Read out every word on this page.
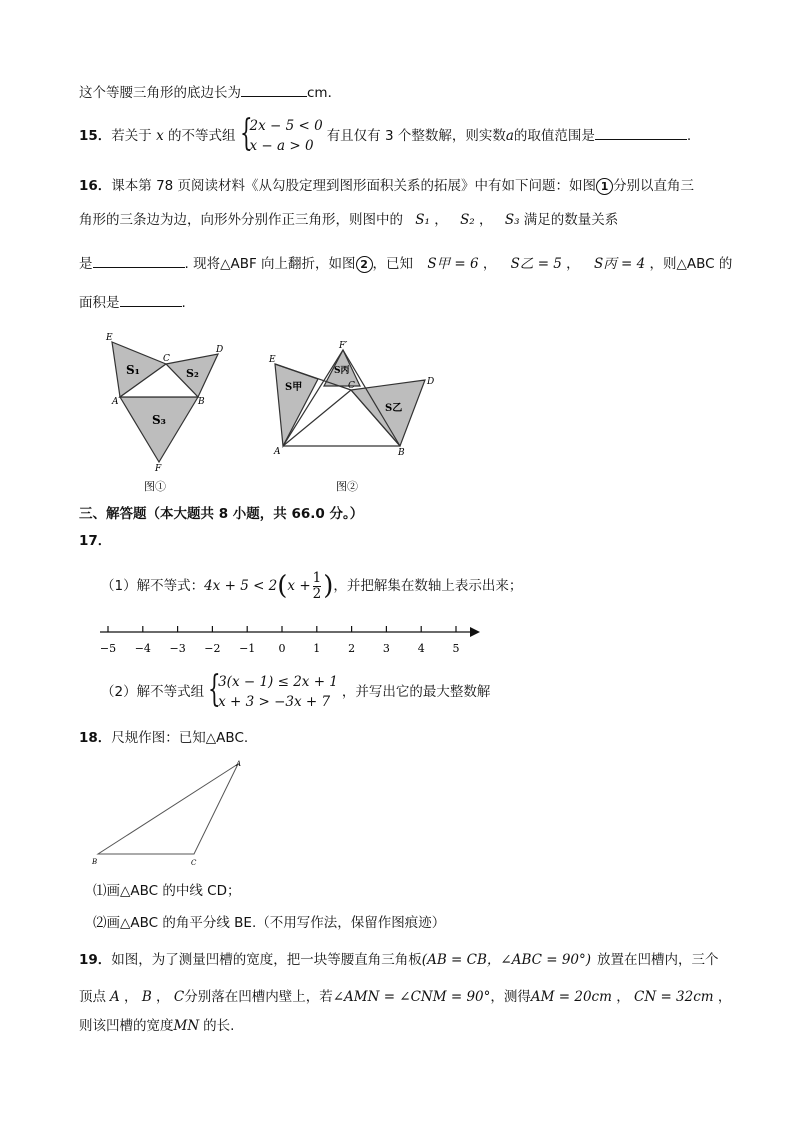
这个等腰三角形的底边长为	cm．
15．若关于 x 的不等式组 {
2x − 5 < 0
x − a > 0
有且仅有 3 个整数解，则实数a的取值范围是	.
16．课本第 78 页阅读材料《从勾股定理到图形面积关系的拓展》中有如下问题：如图 1 分别以直角三
角形的三条边为边，向形外分别作正三角形，则图中的 S₁ ， S₂ ， S₃ 满足的数量关系
是	. 现将△ABF 向上翻折，如图 2 ，已知 S甲 = 6 ， S乙 = 5 ， S丙 = 4 ，则△ABC 的
面积是	.
E
C
D
A	B
F
S₁	S₂
S₃
图①
F′
E
C	D
A	B
S甲
S丙
S乙
图②
三、解答题（本大题共 8 小题，共 66.0 分。）
17．
（1）解不等式：$4x + 5 < 2(x + \frac{1}{2}$ )，并把解集在数轴上表示出来；
−5 −4 −3 −2 −1 0	1	2	3	4	5
（2）解不等式组 {
3(x − 1) ≤ 2x + 1
x + 3 > −3x + 7
，并写出它的最大整数解
18．尺规作图：已知△ABC.
A
B	C
⑴画△ABC 的中线 CD；
⑵画△ABC 的角平分线 BE.（不用写作法，保留作图痕迹）
19．如图，为了测量凹槽的宽度，把一块等腰直角三角板(AB = CB，∠ABC = 90°) 放置在凹槽内，三个
顶点 A ， B ， C分别落在凹槽内壁上，若∠AMN = ∠CNM = 90°，测得AM = 20cm ， CN = 32cm ，
则该凹槽的宽度MN 的长.
